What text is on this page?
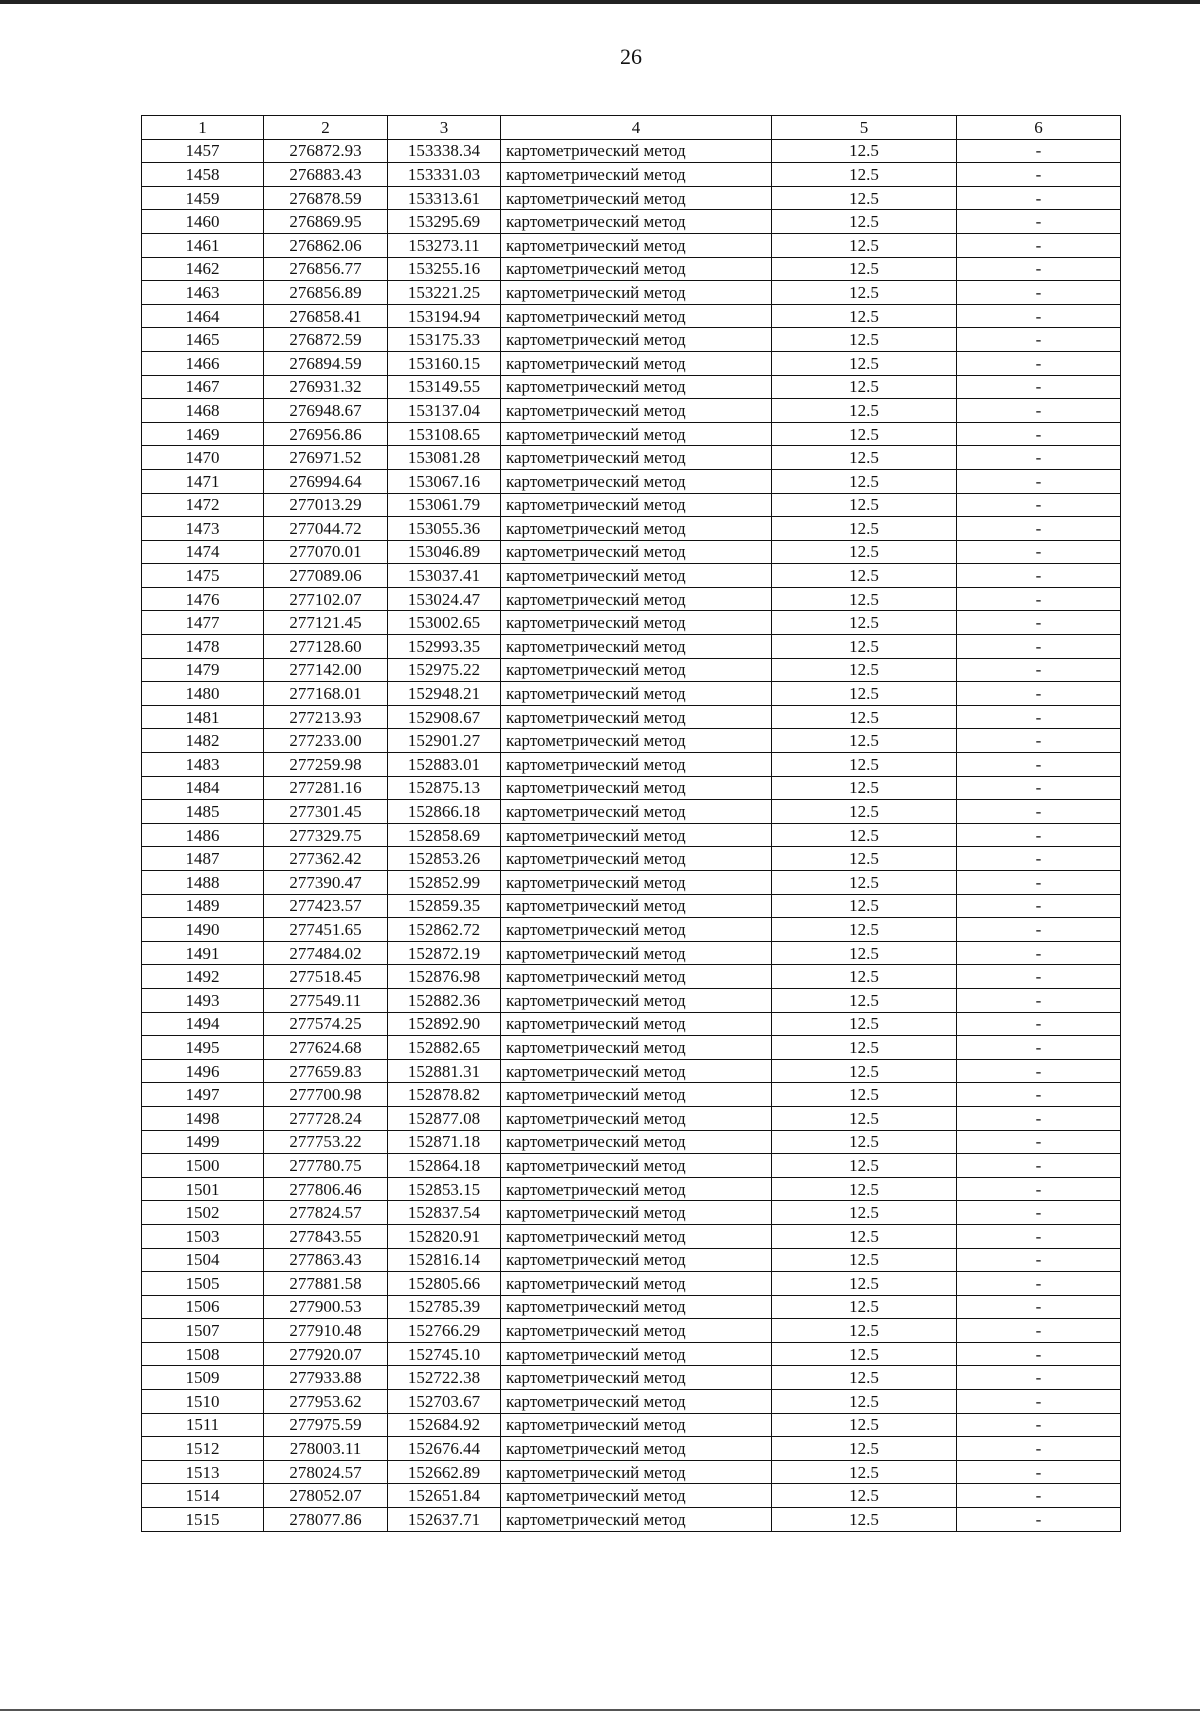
26
1	2	3	4	5	6
1457	276872.93	153338.34	картометрический метод	12.5	-
1458	276883.43	153331.03	картометрический метод	12.5	-
1459	276878.59	153313.61	картометрический метод	12.5	-
1460	276869.95	153295.69	картометрический метод	12.5	-
1461	276862.06	153273.11	картометрический метод	12.5	-
1462	276856.77	153255.16	картометрический метод	12.5	-
1463	276856.89	153221.25	картометрический метод	12.5	-
1464	276858.41	153194.94	картометрический метод	12.5	-
1465	276872.59	153175.33	картометрический метод	12.5	-
1466	276894.59	153160.15	картометрический метод	12.5	-
1467	276931.32	153149.55	картометрический метод	12.5	-
1468	276948.67	153137.04	картометрический метод	12.5	-
1469	276956.86	153108.65	картометрический метод	12.5	-
1470	276971.52	153081.28	картометрический метод	12.5	-
1471	276994.64	153067.16	картометрический метод	12.5	-
1472	277013.29	153061.79	картометрический метод	12.5	-
1473	277044.72	153055.36	картометрический метод	12.5	-
1474	277070.01	153046.89	картометрический метод	12.5	-
1475	277089.06	153037.41	картометрический метод	12.5	-
1476	277102.07	153024.47	картометрический метод	12.5	-
1477	277121.45	153002.65	картометрический метод	12.5	-
1478	277128.60	152993.35	картометрический метод	12.5	-
1479	277142.00	152975.22	картометрический метод	12.5	-
1480	277168.01	152948.21	картометрический метод	12.5	-
1481	277213.93	152908.67	картометрический метод	12.5	-
1482	277233.00	152901.27	картометрический метод	12.5	-
1483	277259.98	152883.01	картометрический метод	12.5	-
1484	277281.16	152875.13	картометрический метод	12.5	-
1485	277301.45	152866.18	картометрический метод	12.5	-
1486	277329.75	152858.69	картометрический метод	12.5	-
1487	277362.42	152853.26	картометрический метод	12.5	-
1488	277390.47	152852.99	картометрический метод	12.5	-
1489	277423.57	152859.35	картометрический метод	12.5	-
1490	277451.65	152862.72	картометрический метод	12.5	-
1491	277484.02	152872.19	картометрический метод	12.5	-
1492	277518.45	152876.98	картометрический метод	12.5	-
1493	277549.11	152882.36	картометрический метод	12.5	-
1494	277574.25	152892.90	картометрический метод	12.5	-
1495	277624.68	152882.65	картометрический метод	12.5	-
1496	277659.83	152881.31	картометрический метод	12.5	-
1497	277700.98	152878.82	картометрический метод	12.5	-
1498	277728.24	152877.08	картометрический метод	12.5	-
1499	277753.22	152871.18	картометрический метод	12.5	-
1500	277780.75	152864.18	картометрический метод	12.5	-
1501	277806.46	152853.15	картометрический метод	12.5	-
1502	277824.57	152837.54	картометрический метод	12.5	-
1503	277843.55	152820.91	картометрический метод	12.5	-
1504	277863.43	152816.14	картометрический метод	12.5	-
1505	277881.58	152805.66	картометрический метод	12.5	-
1506	277900.53	152785.39	картометрический метод	12.5	-
1507	277910.48	152766.29	картометрический метод	12.5	-
1508	277920.07	152745.10	картометрический метод	12.5	-
1509	277933.88	152722.38	картометрический метод	12.5	-
1510	277953.62	152703.67	картометрический метод	12.5	-
1511	277975.59	152684.92	картометрический метод	12.5	-
1512	278003.11	152676.44	картометрический метод	12.5	-
1513	278024.57	152662.89	картометрический метод	12.5	-
1514	278052.07	152651.84	картометрический метод	12.5	-
1515	278077.86	152637.71	картометрический метод	12.5	-
